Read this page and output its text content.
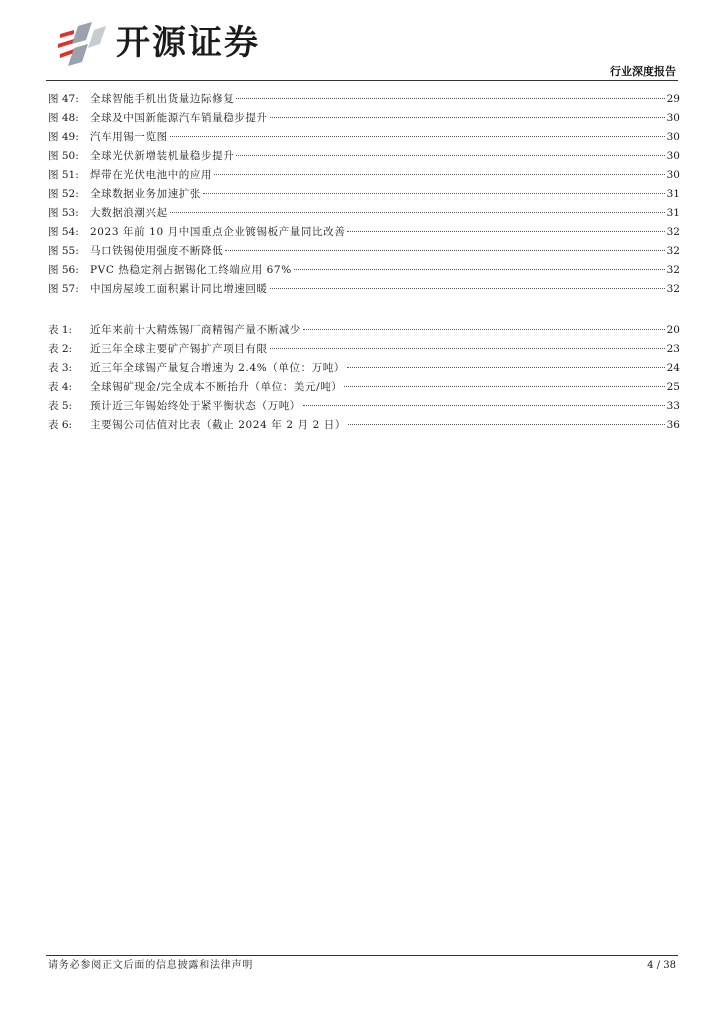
开源证券
行业深度报告
图 47:	全球智能手机出货量边际修复	29
图 48:	全球及中国新能源汽车销量稳步提升	30
图 49:	汽车用锡一览图	30
图 50:	全球光伏新增装机量稳步提升	30
图 51:	焊带在光伏电池中的应用	30
图 52:	全球数据业务加速扩张	31
图 53:	大数据浪潮兴起	31
图 54:	2023 年前 10 月中国重点企业镀锡板产量同比改善	32
图 55:	马口铁锡使用强度不断降低	32
图 56:	PVC 热稳定剂占据锡化工终端应用 67%	32
图 57:	中国房屋竣工面积累计同比增速回暖	32
表 1:	近年来前十大精炼锡厂商精锡产量不断减少	20
表 2:	近三年全球主要矿产锡扩产项目有限	23
表 3:	近三年全球锡产量复合增速为 2.4%（单位：万吨）	24
表 4:	全球锡矿现金/完全成本不断抬升（单位：美元/吨）	25
表 5:	预计近三年锡始终处于紧平衡状态（万吨）	33
表 6:	主要锡公司估值对比表（截止 2024 年 2 月 2 日）	36
请务必参阅正文后面的信息披露和法律声明	4 / 38
